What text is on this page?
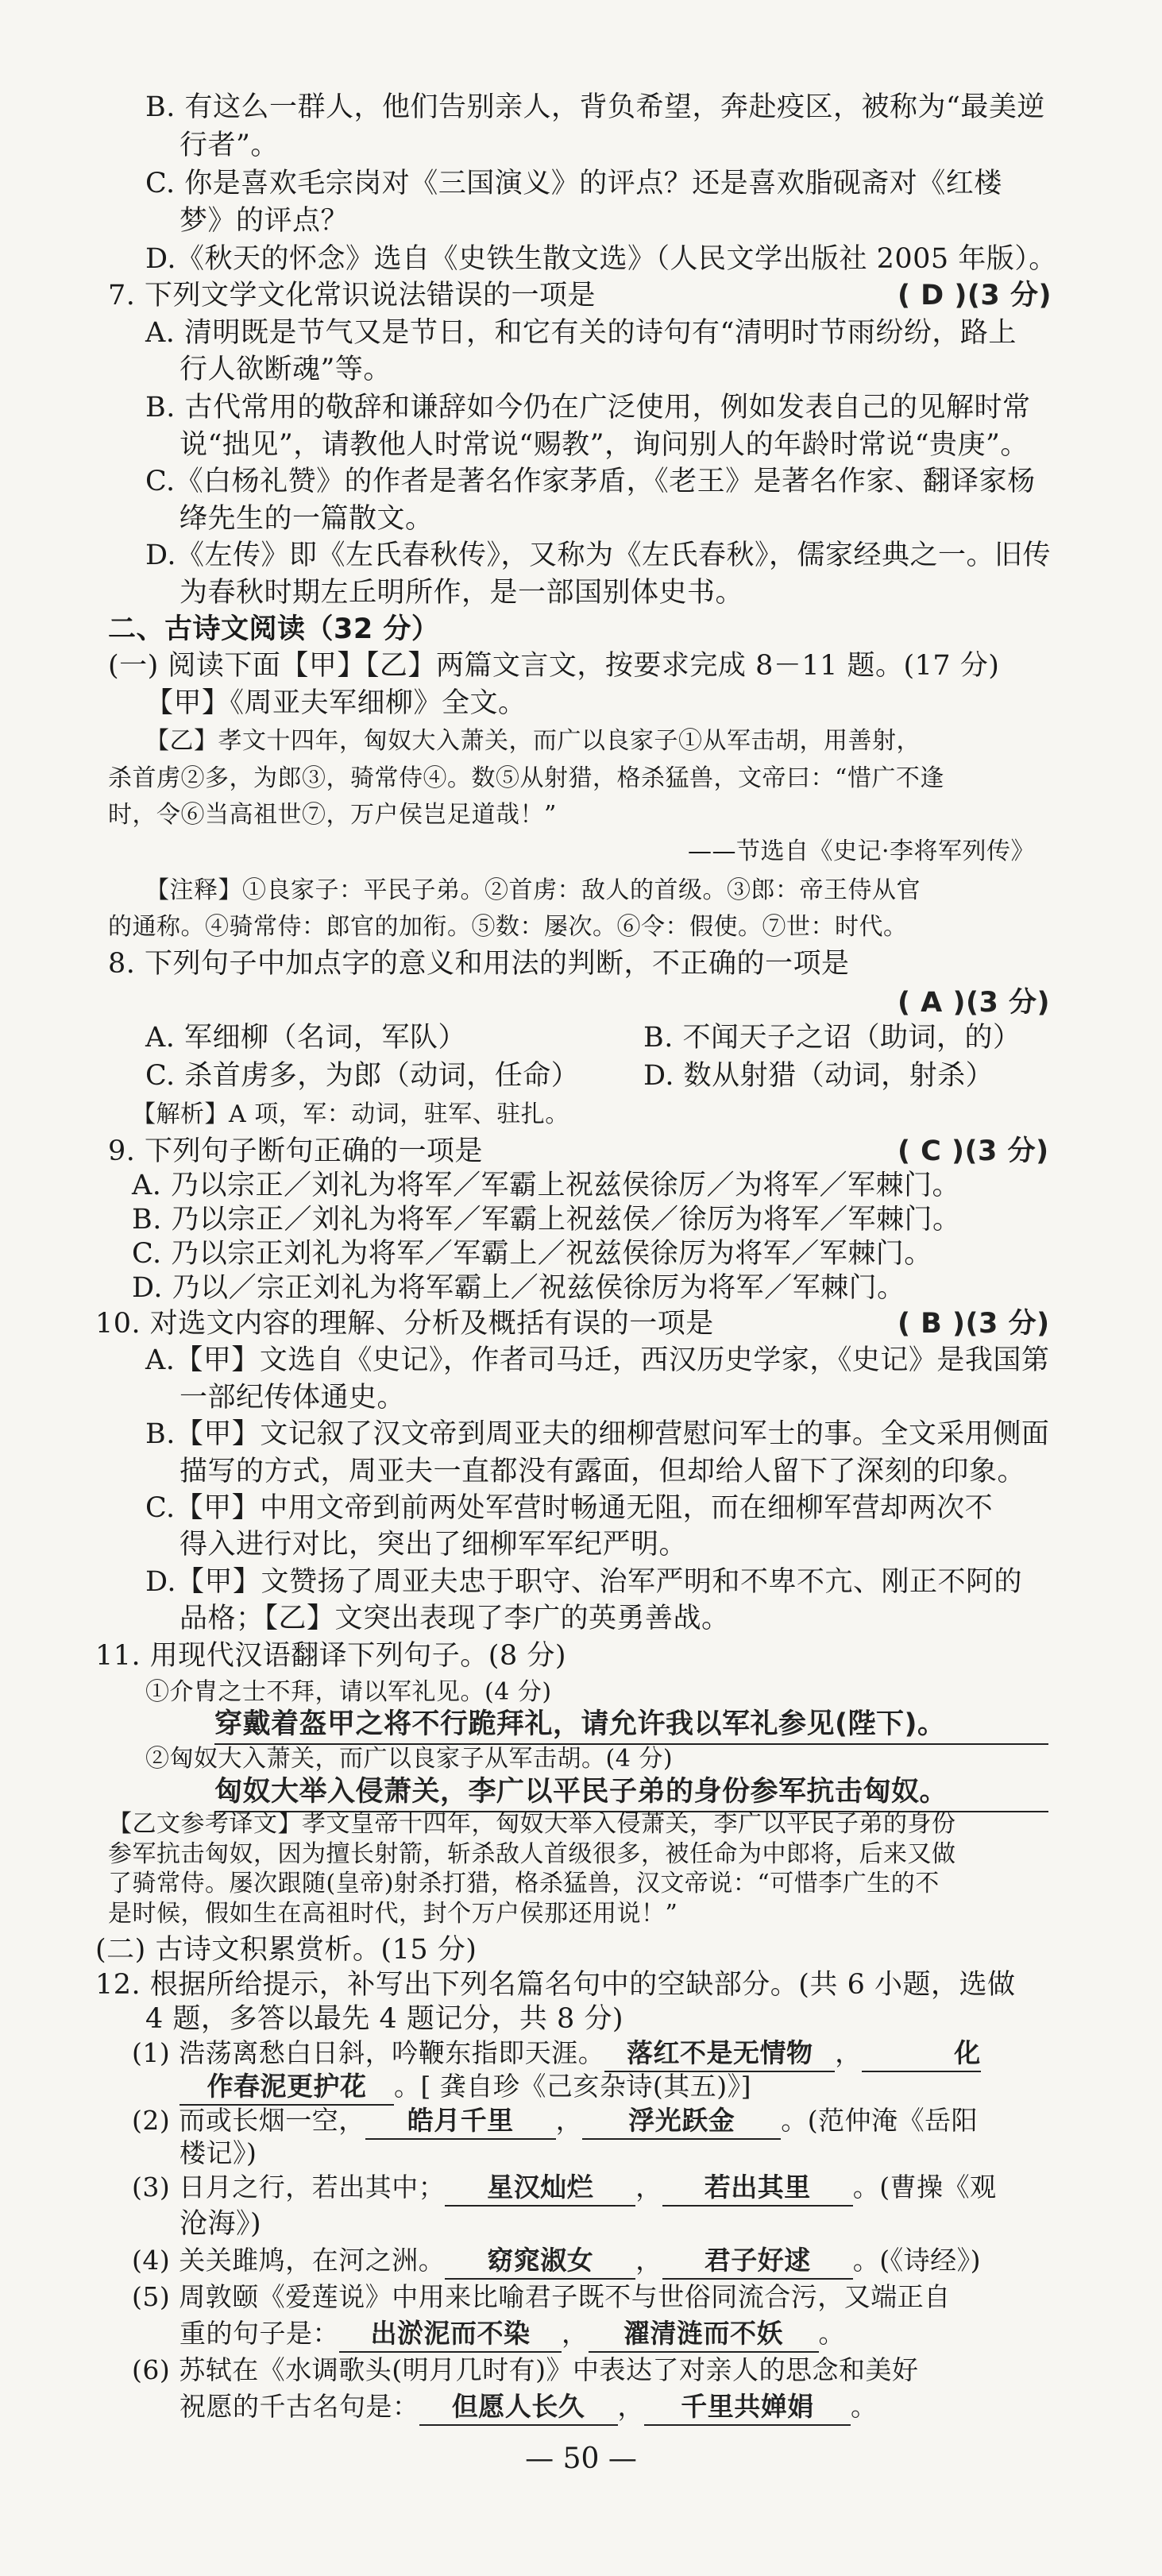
B. 有这么一群人，他们告别亲人，背负希望，奔赴疫区，被称为“最美逆
行者”。
C. 你是喜欢毛宗岗对《三国演义》的评点？还是喜欢脂砚斋对《红楼
梦》的评点？
D.《秋天的怀念》选自《史铁生散文选》（人民文学出版社 2005 年版）。
7. 下列文学文化常识说法错误的一项是	( D )(3 分)
A. 清明既是节气又是节日，和它有关的诗句有“清明时节雨纷纷，路上
行人欲断魂”等。
B. 古代常用的敬辞和谦辞如今仍在广泛使用，例如发表自己的见解时常
说“拙见”，请教他人时常说“赐教”，询问别人的年龄时常说“贵庚”。
C.《白杨礼赞》的作者是著名作家茅盾，《老王》是著名作家、翻译家杨
绛先生的一篇散文。
D.《左传》即《左氏春秋传》，又称为《左氏春秋》，儒家经典之一。旧传
为春秋时期左丘明所作，是一部国别体史书。
二、古诗文阅读（32 分）
(一) 阅读下面【甲】【乙】两篇文言文，按要求完成 8－11 题。(17 分)
【甲】《周亚夫军细柳》全文。
【乙】孝文十四年，匈奴大入萧关，而广以良家子①从军击胡，用善射，
杀首虏②多，为郎③，骑常侍④。数⑤从射猎，格杀猛兽，文帝曰：“惜广不逢
时，令⑥当高祖世⑦，万户侯岂足道哉！”
——节选自《史记·李将军列传》
【注释】①良家子：平民子弟。②首虏：敌人的首级。③郎：帝王侍从官
的通称。④骑常侍：郎官的加衔。⑤数：屡次。⑥令：假使。⑦世：时代。
8. 下列句子中加点字的意义和用法的判断，不正确的一项是
( A )(3 分)
A. 军细柳（名词，军队）	B. 不闻天子之诏（助词，的）
C. 杀首虏多，为郎（动词，任命） D. 数从射猎（动词，射杀）
【解析】A 项，军：动词，驻军、驻扎。
9. 下列句子断句正确的一项是	( C )(3 分)
A. 乃以宗正／刘礼为将军／军霸上祝兹侯徐厉／为将军／军棘门。
B. 乃以宗正／刘礼为将军／军霸上祝兹侯／徐厉为将军／军棘门。
C. 乃以宗正刘礼为将军／军霸上／祝兹侯徐厉为将军／军棘门。
D. 乃以／宗正刘礼为将军霸上／祝兹侯徐厉为将军／军棘门。
10. 对选文内容的理解、分析及概括有误的一项是	( B )(3 分)
A.【甲】文选自《史记》，作者司马迁，西汉历史学家，《史记》是我国第
一部纪传体通史。
B.【甲】文记叙了汉文帝到周亚夫的细柳营慰问军士的事。全文采用侧面
描写的方式，周亚夫一直都没有露面，但却给人留下了深刻的印象。
C.【甲】中用文帝到前两处军营时畅通无阻，而在细柳军营却两次不
得入进行对比，突出了细柳军军纪严明。
D.【甲】文赞扬了周亚夫忠于职守、治军严明和不卑不亢、刚正不阿的
品格；【乙】文突出表现了李广的英勇善战。
11. 用现代汉语翻译下列句子。(8 分)
①介胄之士不拜，请以军礼见。(4 分)
穿戴着盔甲之将不行跪拜礼，请允许我以军礼参见(陛下)。
②匈奴大入萧关，而广以良家子从军击胡。(4 分)
匈奴大举入侵萧关，李广以平民子弟的身份参军抗击匈奴。
【乙文参考译文】孝文皇帝十四年，匈奴大举入侵萧关，李广以平民子弟的身份
参军抗击匈奴，因为擅长射箭，斩杀敌人首级很多，被任命为中郎将，后来又做
了骑常侍。屡次跟随(皇帝)射杀打猎，格杀猛兽，汉文帝说：“可惜李广生的不
是时候，假如生在高祖时代，封个万户侯那还用说！”
(二) 古诗文积累赏析。(15 分)
12. 根据所给提示，补写出下列名篇名句中的空缺部分。(共 6 小题，选做
4 题，多答以最先 4 题记分，共 8 分)
(1) 浩荡离愁白日斜，吟鞭东指即天涯。 落红不是无情物 ，	化
作春泥更护花 。[ 龚自珍《己亥杂诗(其五)》]
(2) 而或长烟一空， 皓月千里 ， 浮光跃金 。(范仲淹《岳阳
楼记》)
(3) 日月之行，若出其中； 星汉灿烂 ， 若出其里 。(曹操《观
沧海》)
— 50 —
(4) 关关雎鸠，在河之洲。 窈窕淑女 ， 君子好逑 。(《诗经》)
(5) 周敦颐《爱莲说》中用来比喻君子既不与世俗同流合污，又端正自
重的句子是： 出淤泥而不染 ， 濯清涟而不妖 。
(6) 苏轼在《水调歌头(明月几时有)》中表达了对亲人的思念和美好
祝愿的千古名句是： 但愿人长久 ， 千里共婵娟 。
